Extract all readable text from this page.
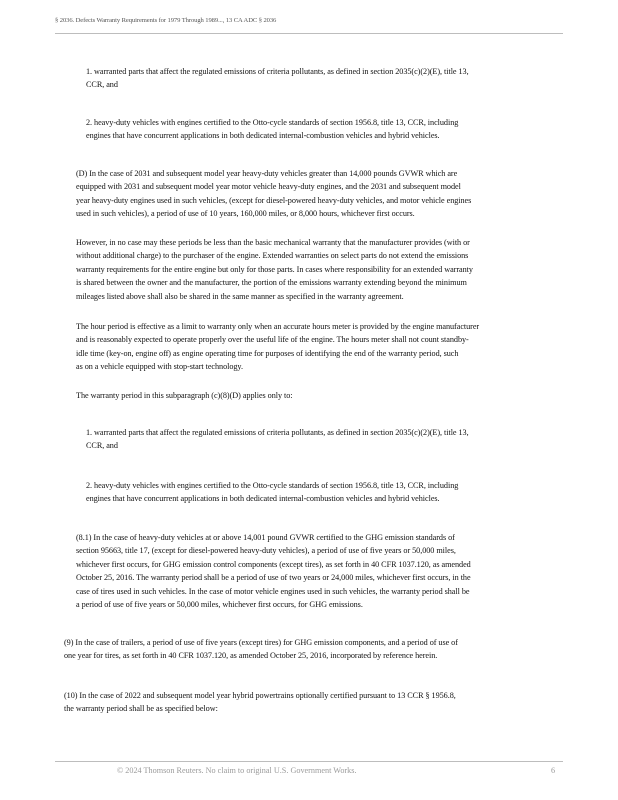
§ 2036. Defects Warranty Requirements for 1979 Through 1989..., 13 CA ADC § 2036

1. warranted parts that affect the regulated emissions of criteria pollutants, as defined in section 2035(c)(2)(E), title 13,
CCR, and

2. heavy-duty vehicles with engines certified to the Otto-cycle standards of section 1956.8, title 13, CCR, including
engines that have concurrent applications in both dedicated internal-combustion vehicles and hybrid vehicles.

(D) In the case of 2031 and subsequent model year heavy-duty vehicles greater than 14,000 pounds GVWR which are
equipped with 2031 and subsequent model year motor vehicle heavy-duty engines, and the 2031 and subsequent model
year heavy-duty engines used in such vehicles, (except for diesel-powered heavy-duty vehicles, and motor vehicle engines
used in such vehicles), a period of use of 10 years, 160,000 miles, or 8,000 hours, whichever first occurs.

However, in no case may these periods be less than the basic mechanical warranty that the manufacturer provides (with or
without additional charge) to the purchaser of the engine. Extended warranties on select parts do not extend the emissions
warranty requirements for the entire engine but only for those parts. In cases where responsibility for an extended warranty
is shared between the owner and the manufacturer, the portion of the emissions warranty extending beyond the minimum
mileages listed above shall also be shared in the same manner as specified in the warranty agreement.

The hour period is effective as a limit to warranty only when an accurate hours meter is provided by the engine manufacturer
and is reasonably expected to operate properly over the useful life of the engine. The hours meter shall not count standby-
idle time (key-on, engine off) as engine operating time for purposes of identifying the end of the warranty period, such
as on a vehicle equipped with stop-start technology.

The warranty period in this subparagraph (c)(8)(D) applies only to:

1. warranted parts that affect the regulated emissions of criteria pollutants, as defined in section 2035(c)(2)(E), title 13,
CCR, and

2. heavy-duty vehicles with engines certified to the Otto-cycle standards of section 1956.8, title 13, CCR, including
engines that have concurrent applications in both dedicated internal-combustion vehicles and hybrid vehicles.

(8.1) In the case of heavy-duty vehicles at or above 14,001 pound GVWR certified to the GHG emission standards of
section 95663, title 17, (except for diesel-powered heavy-duty vehicles), a period of use of five years or 50,000 miles,
whichever first occurs, for GHG emission control components (except tires), as set forth in 40 CFR 1037.120, as amended
October 25, 2016. The warranty period shall be a period of use of two years or 24,000 miles, whichever first occurs, in the
case of tires used in such vehicles. In the case of motor vehicle engines used in such vehicles, the warranty period shall be
a period of use of five years or 50,000 miles, whichever first occurs, for GHG emissions.

(9) In the case of trailers, a period of use of five years (except tires) for GHG emission components, and a period of use of
one year for tires, as set forth in 40 CFR 1037.120, as amended October 25, 2016, incorporated by reference herein.

(10) In the case of 2022 and subsequent model year hybrid powertrains optionally certified pursuant to 13 CCR § 1956.8,
the warranty period shall be as specified below:

© 2024 Thomson Reuters. No claim to original U.S. Government Works.	6
